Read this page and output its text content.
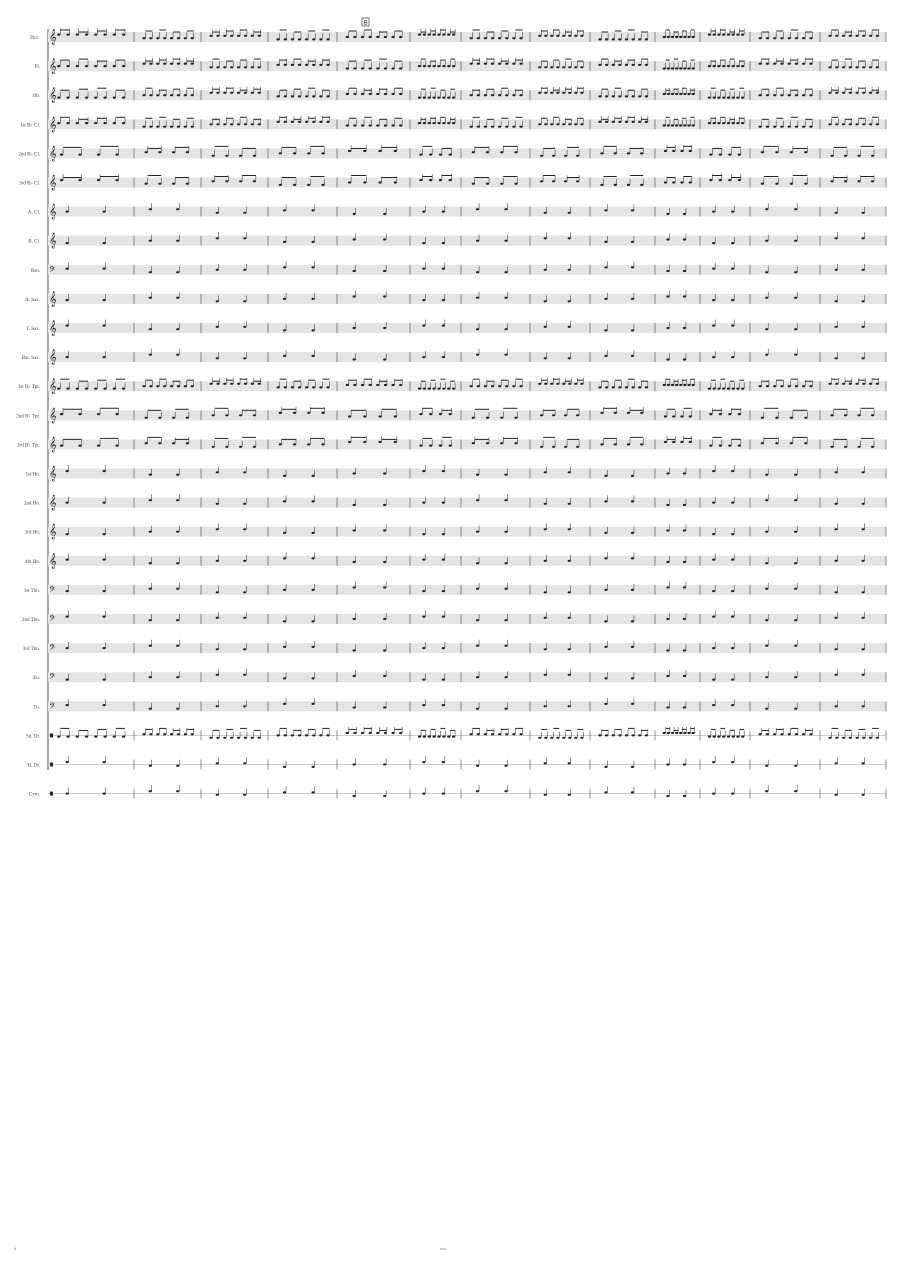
B
Picc. 𝄞
Fl. 𝄞
Ob. 𝄞
1st B♭ Cl. 𝄞
2nd B♭ Cl. 𝄞
3rd B♭ Cl. 𝄞
A. Cl. 𝄞
B. Cl. 𝄞
Bsn. 𝄢
A. Sax. 𝄞
T. Sax. 𝄞
Bar. Sax. 𝄞
1st B♭ Tpt. 𝄞
2nd B♭ Tpt. 𝄞
3rd B♭ Tpt. 𝄞
1st Hn. 𝄞
2nd Hn. 𝄞
3rd Hn. 𝄞
4th Hn. 𝄞
1st Tbn. 𝄢
2nd Tbn. 𝄢
3rd Tbn. 𝄢
Eu. 𝄢
Tu. 𝄢
Sn. Dr.
B. Dr.
Cym.
4	xxx
